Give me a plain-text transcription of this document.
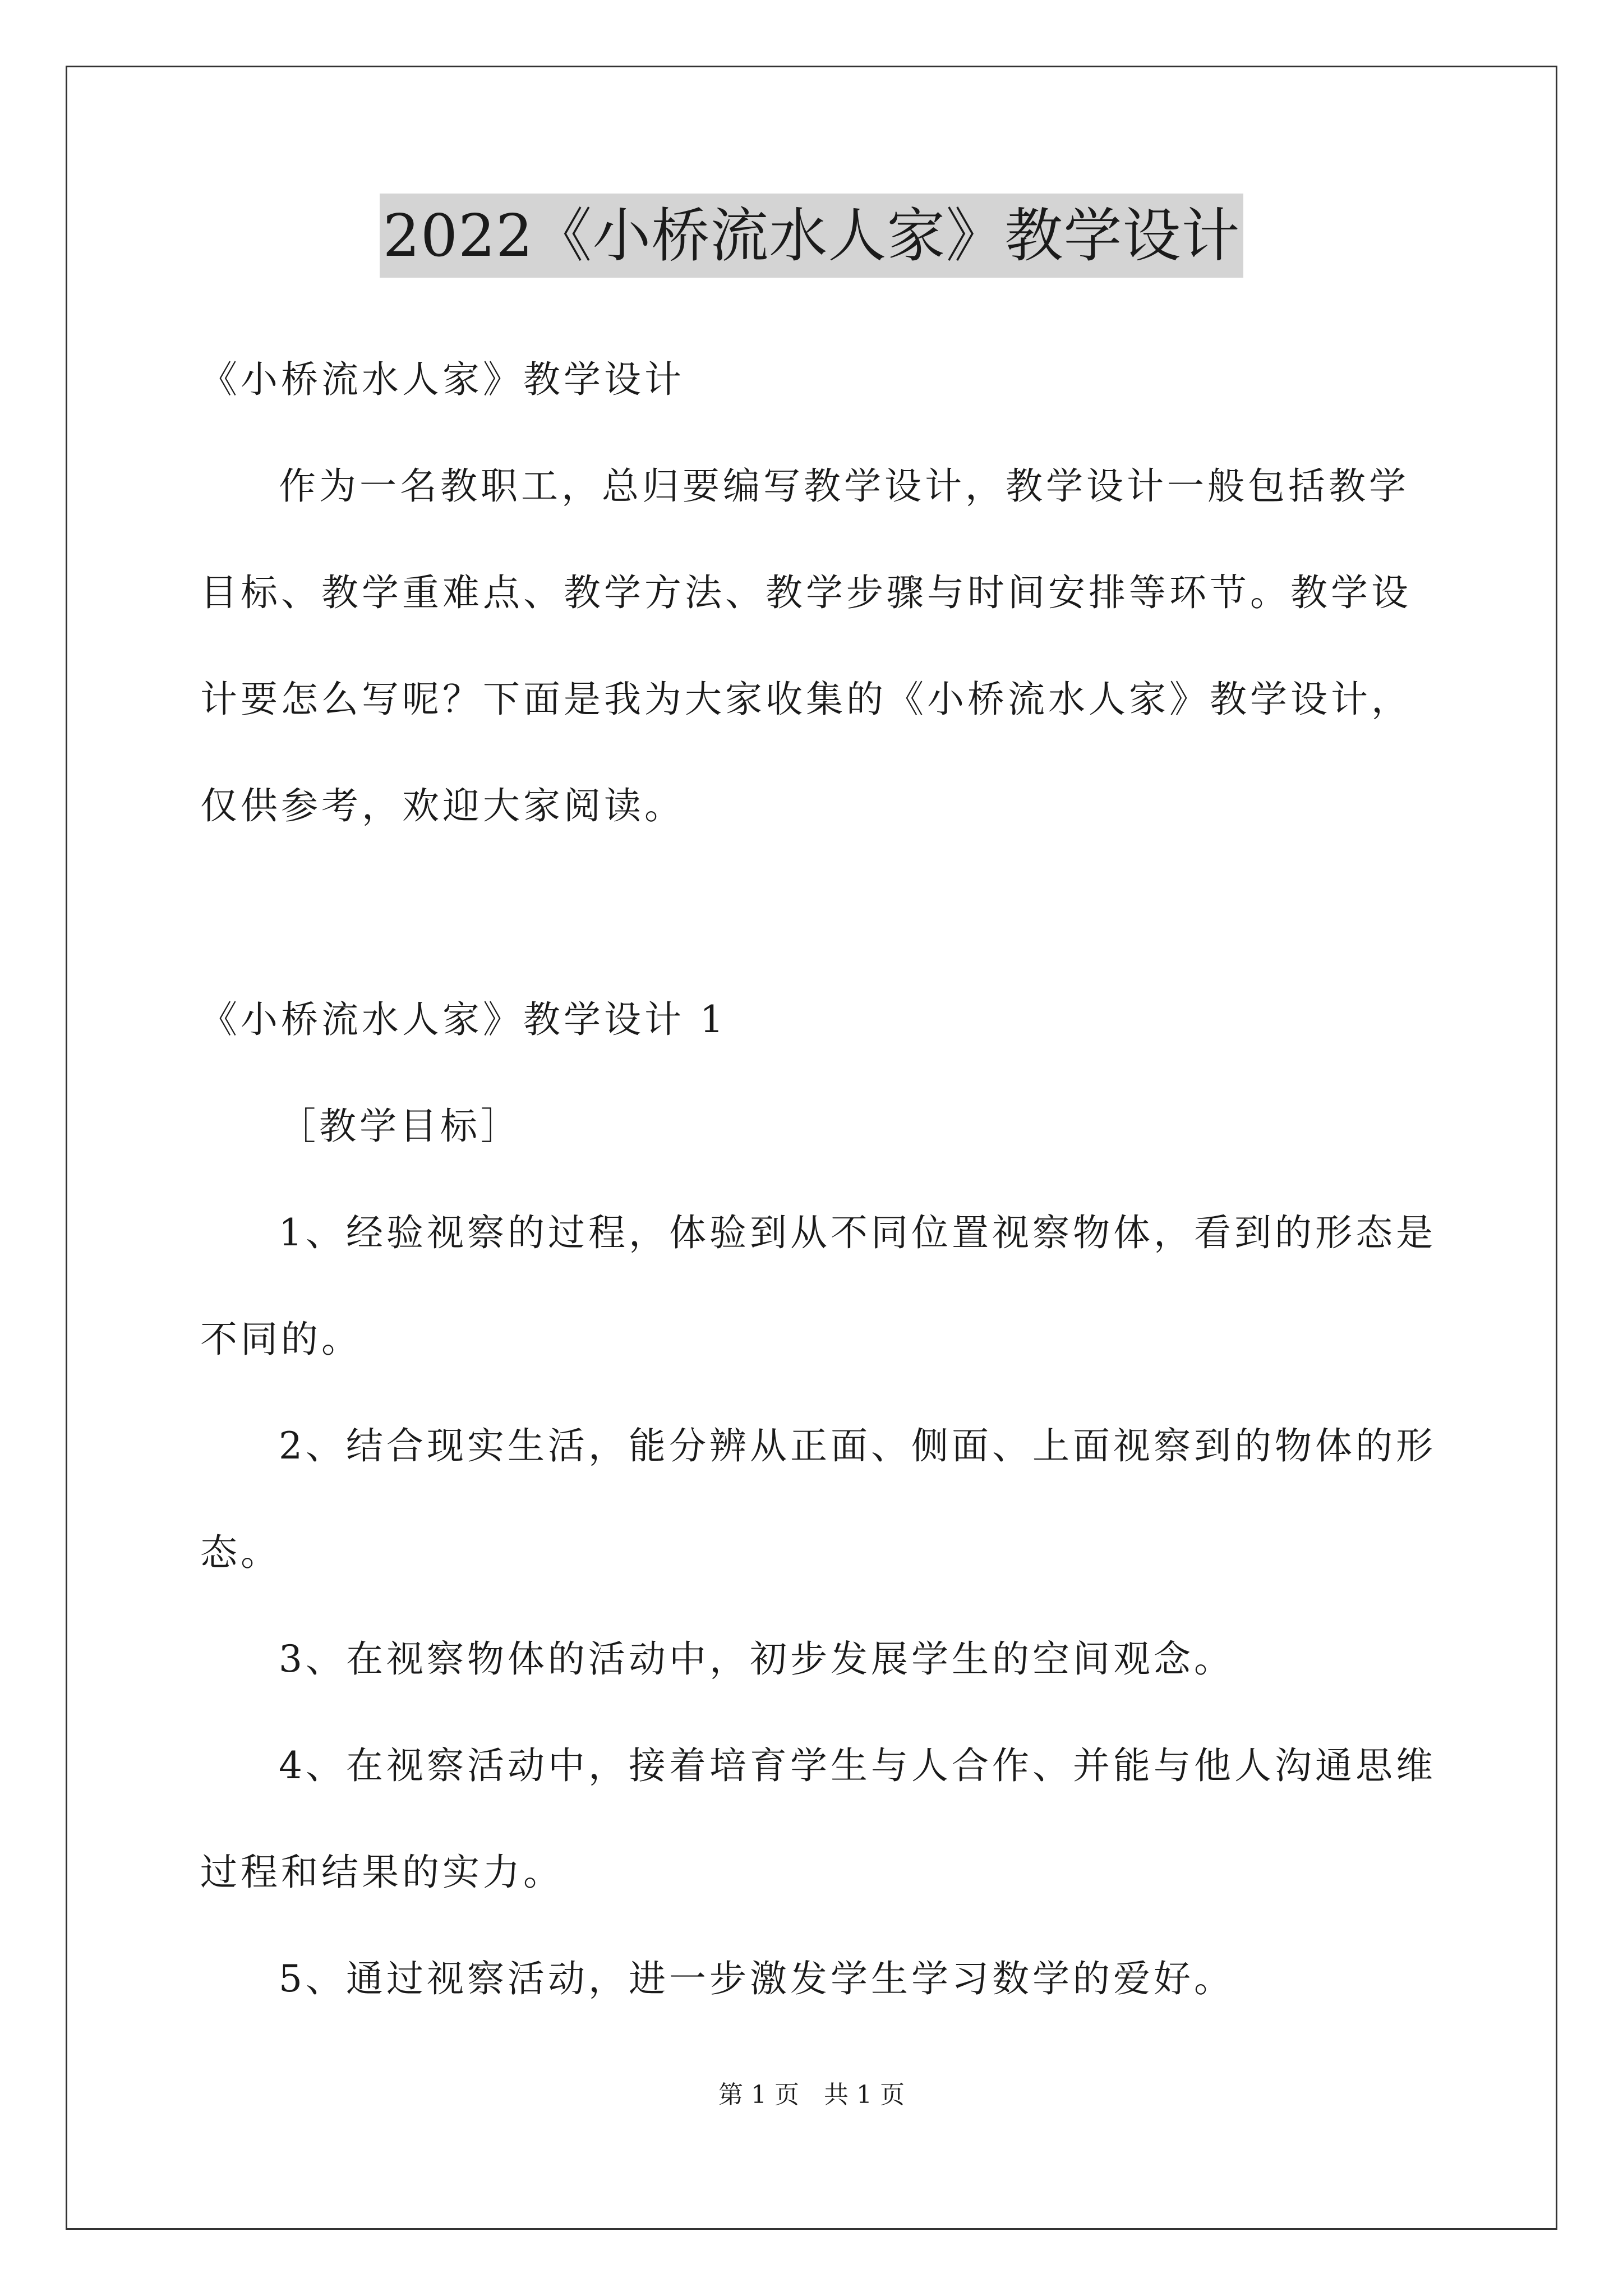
2022《小桥流水人家》教学设计
《小桥流水人家》教学设计
作为一名教职工，总归要编写教学设计，教学设计一般包括教学
目标、教学重难点、教学方法、教学步骤与时间安排等环节。教学设
计要怎么写呢？下面是我为大家收集的《小桥流水人家》教学设计，
仅供参考，欢迎大家阅读。
《小桥流水人家》教学设计 1
［教学目标］
1、经验视察的过程，体验到从不同位置视察物体，看到的形态是
不同的。
2、结合现实生活，能分辨从正面、侧面、上面视察到的物体的形
态。
3、在视察物体的活动中，初步发展学生的空间观念。
4、在视察活动中，接着培育学生与人合作、并能与他人沟通思维
过程和结果的实力。
5、通过视察活动，进一步激发学生学习数学的爱好。
第 1 页　共 1 页
